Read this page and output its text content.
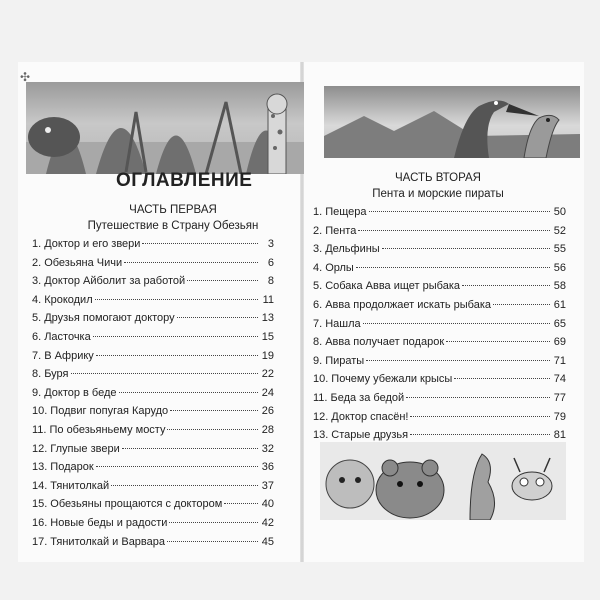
✣
ОГЛАВЛЕНИЕ
ЧАСТЬ ПЕРВАЯ
Путешествие в Страну Обезьян
ЧАСТЬ ВТОРАЯ
Пента и морские пираты
1. Доктор и его звери	3
2. Обезьяна Чичи	6
3. Доктор Айболит за работой	8
4. Крокодил	11
5. Друзья помогают доктору	13
6. Ласточка	15
7. В Африку	19
8. Буря	22
9. Доктор в беде	24
10. Подвиг попугая Карудо	26
11. По обезьяньему мосту	28
12. Глупые звери	32
13. Подарок	36
14. Тянитолкай	37
15. Обезьяны прощаются с доктором	40
16. Новые беды и радости	42
17. Тянитолкай и Варвара	45
1. Пещера	50
2. Пента	52
3. Дельфины	55
4. Орлы	56
5. Собака Авва ищет рыбака	58
6. Авва продолжает искать рыбака	61
7. Нашла	65
8. Авва получает подарок	69
9. Пираты	71
10. Почему убежали крысы	74
11. Беда за бедой	77
12. Доктор спасён!	79
13. Старые друзья	81
